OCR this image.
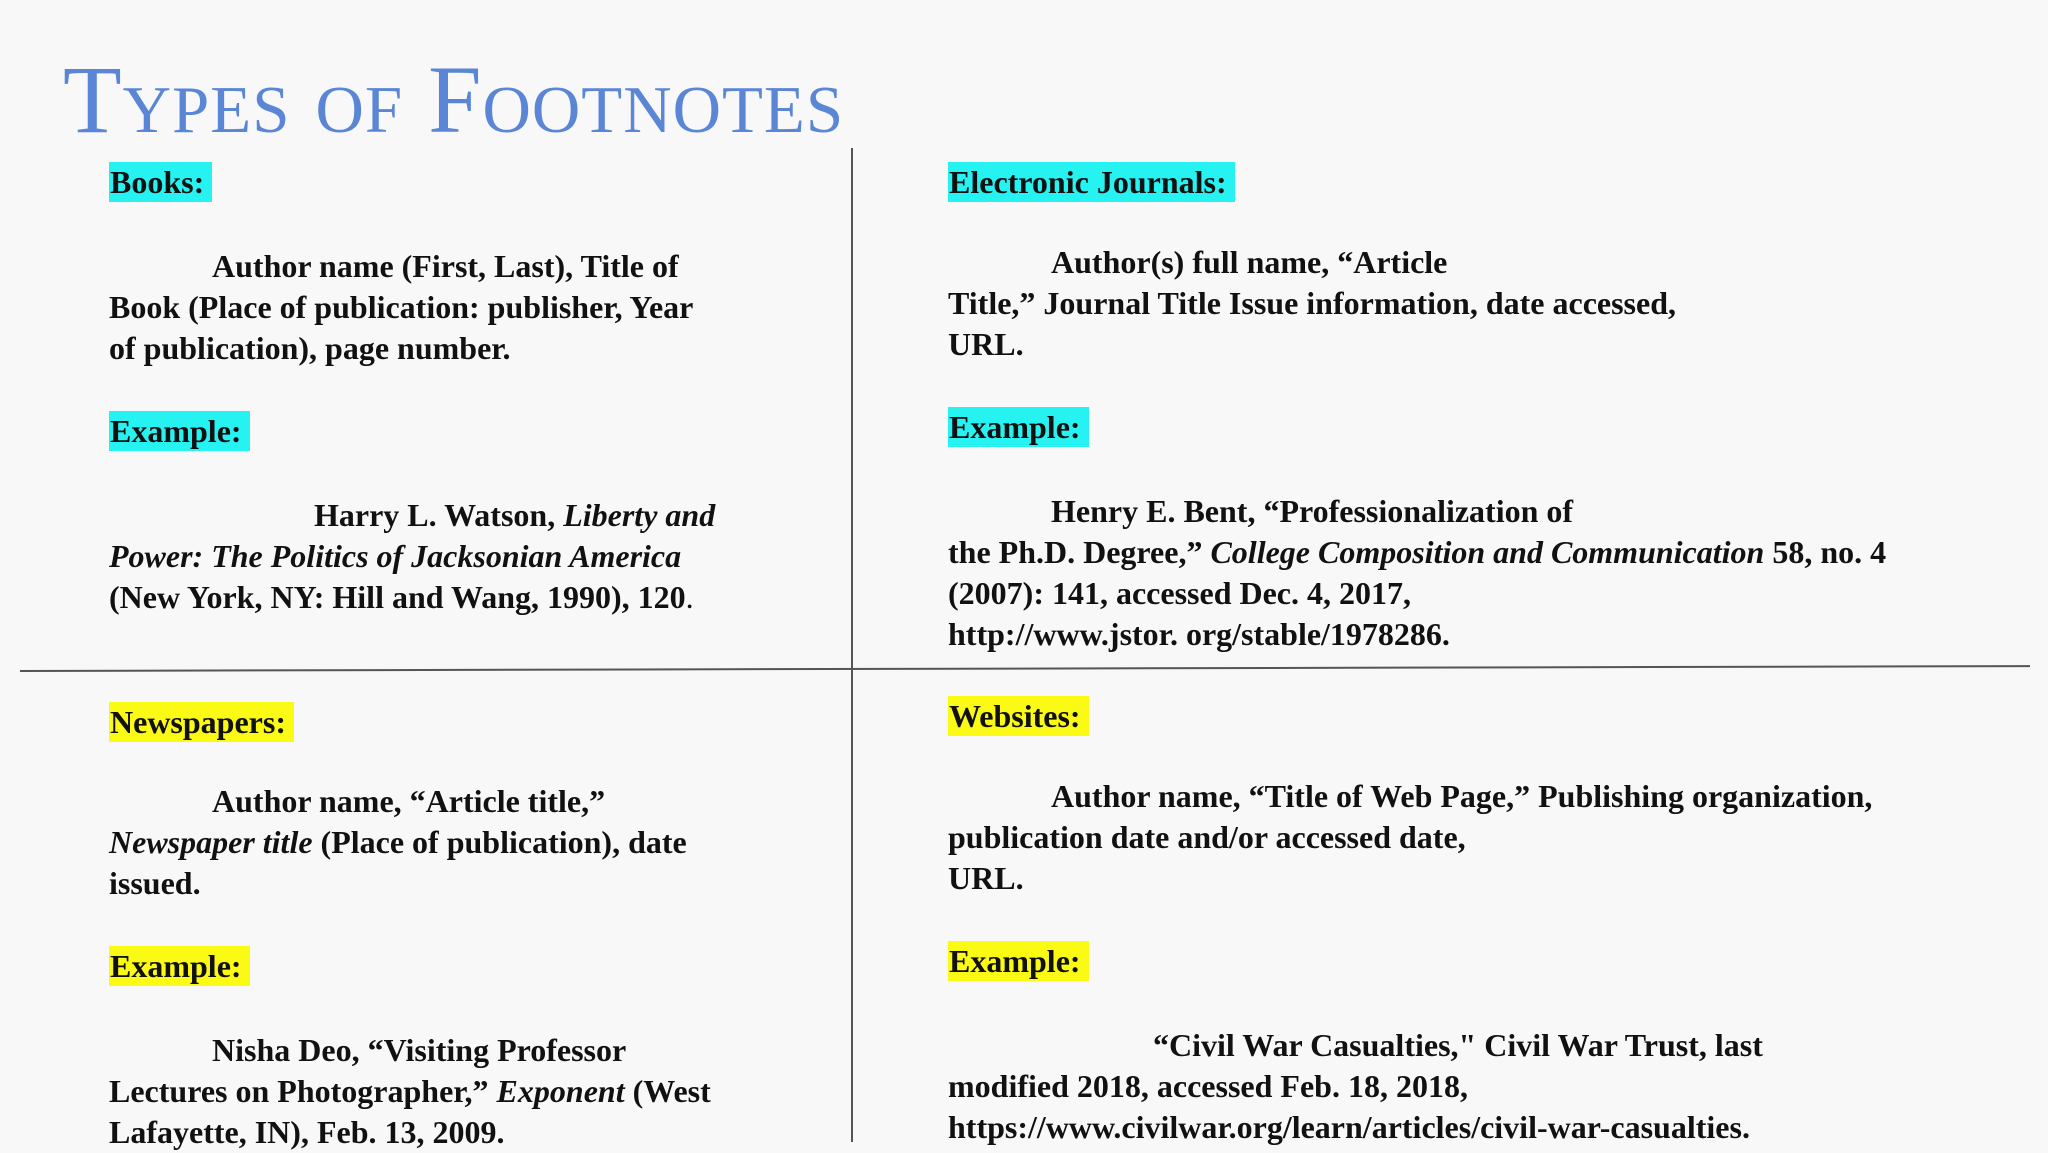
Types of Footnotes
Books:
Author name (First, Last), Title of
Book (Place of publication: publisher, Year
of publication), page number.
Example:
Harry L. Watson, Liberty and
Power: The Politics of Jacksonian America
(New York, NY: Hill and Wang, 1990), 120.
Electronic Journals:
Author(s) full name, “Article
Title,” Journal Title Issue information, date accessed,
URL.
Example:
Henry E. Bent, “Professionalization of
the Ph.D. Degree,” College Composition and Communication 58, no. 4
(2007): 141, accessed Dec. 4, 2017,
http://www.jstor. org/stable/1978286.
Newspapers:
Author name, “Article title,”
Newspaper title (Place of publication), date
issued.
Example:
Nisha Deo, “Visiting Professor
Lectures on Photographer,” Exponent (West
Lafayette, IN), Feb. 13, 2009.
Websites:
Author name, “Title of Web Page,” Publishing organization,
publication date and/or accessed date,
URL.
Example:
“Civil War Casualties," Civil War Trust, last
modified 2018, accessed Feb. 18, 2018,
https://www.civilwar.org/learn/articles/civil-war-casualties.
